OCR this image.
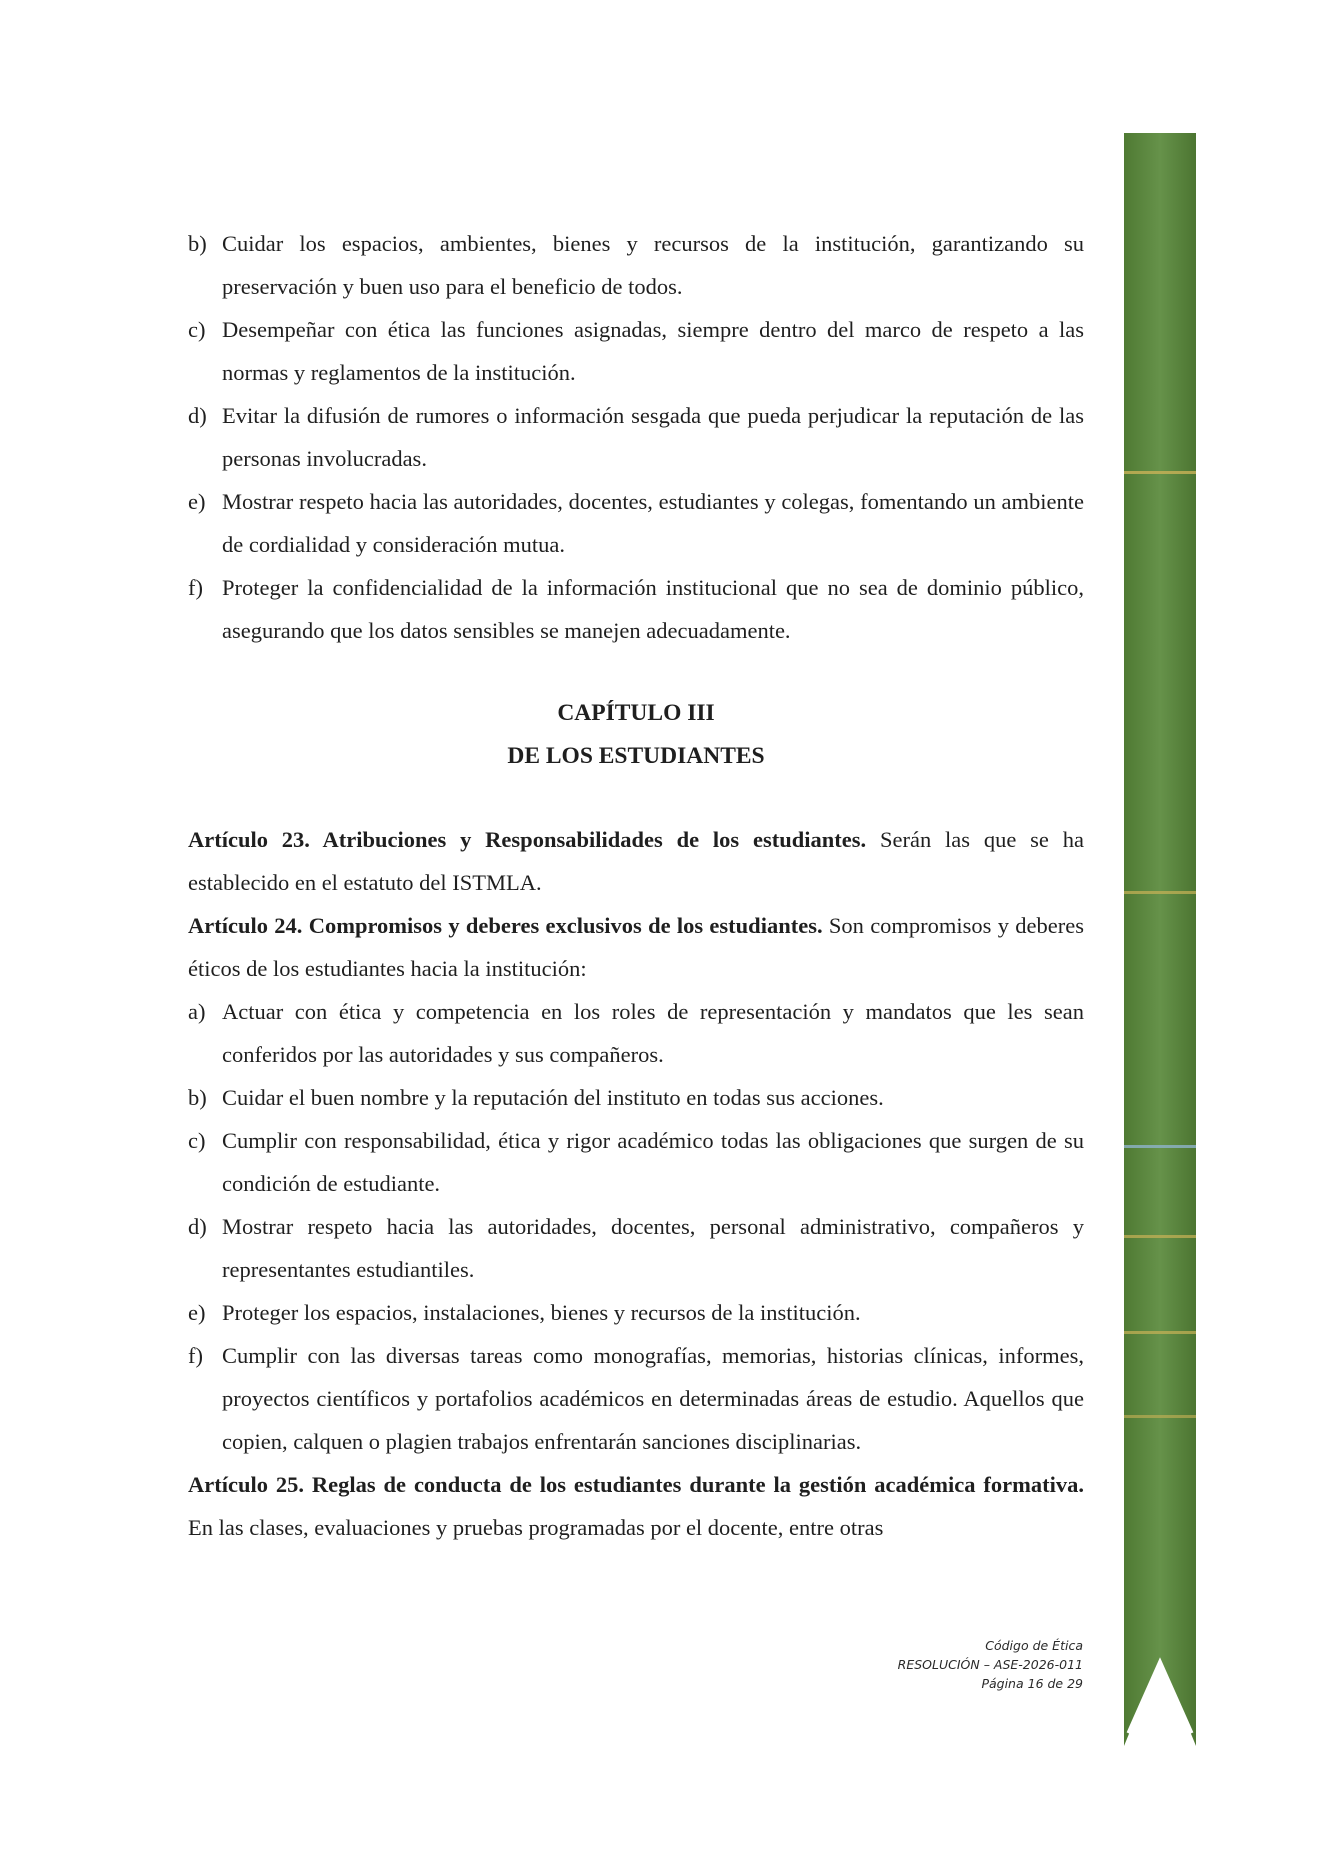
b) Cuidar los espacios, ambientes, bienes y recursos de la institución, garantizando su preservación y buen uso para el beneficio de todos.
c) Desempeñar con ética las funciones asignadas, siempre dentro del marco de respeto a las normas y reglamentos de la institución.
d) Evitar la difusión de rumores o información sesgada que pueda perjudicar la reputación de las personas involucradas.
e) Mostrar respeto hacia las autoridades, docentes, estudiantes y colegas, fomentando un ambiente de cordialidad y consideración mutua.
f) Proteger la confidencialidad de la información institucional que no sea de dominio público, asegurando que los datos sensibles se manejen adecuadamente.
CAPÍTULO III
DE LOS ESTUDIANTES

Artículo 23. Atribuciones y Responsabilidades de los estudiantes. Serán las que se ha establecido en el estatuto del ISTMLA.

Artículo 24. Compromisos y deberes exclusivos de los estudiantes. Son compromisos y deberes éticos de los estudiantes hacia la institución:

a) Actuar con ética y competencia en los roles de representación y mandatos que les sean conferidos por las autoridades y sus compañeros.
b) Cuidar el buen nombre y la reputación del instituto en todas sus acciones.
c) Cumplir con responsabilidad, ética y rigor académico todas las obligaciones que surgen de su condición de estudiante.
d) Mostrar respeto hacia las autoridades, docentes, personal administrativo, compañeros y representantes estudiantiles.
e) Proteger los espacios, instalaciones, bienes y recursos de la institución.
f) Cumplir con las diversas tareas como monografías, memorias, historias clínicas, informes, proyectos científicos y portafolios académicos en determinadas áreas de estudio. Aquellos que copien, calquen o plagien trabajos enfrentarán sanciones disciplinarias.

Artículo 25. Reglas de conducta de los estudiantes durante la gestión académica formativa. En las clases, evaluaciones y pruebas programadas por el docente, entre otras

Código de Ética
RESOLUCIÓN – ASE-2026-011
Página 16 de 29
